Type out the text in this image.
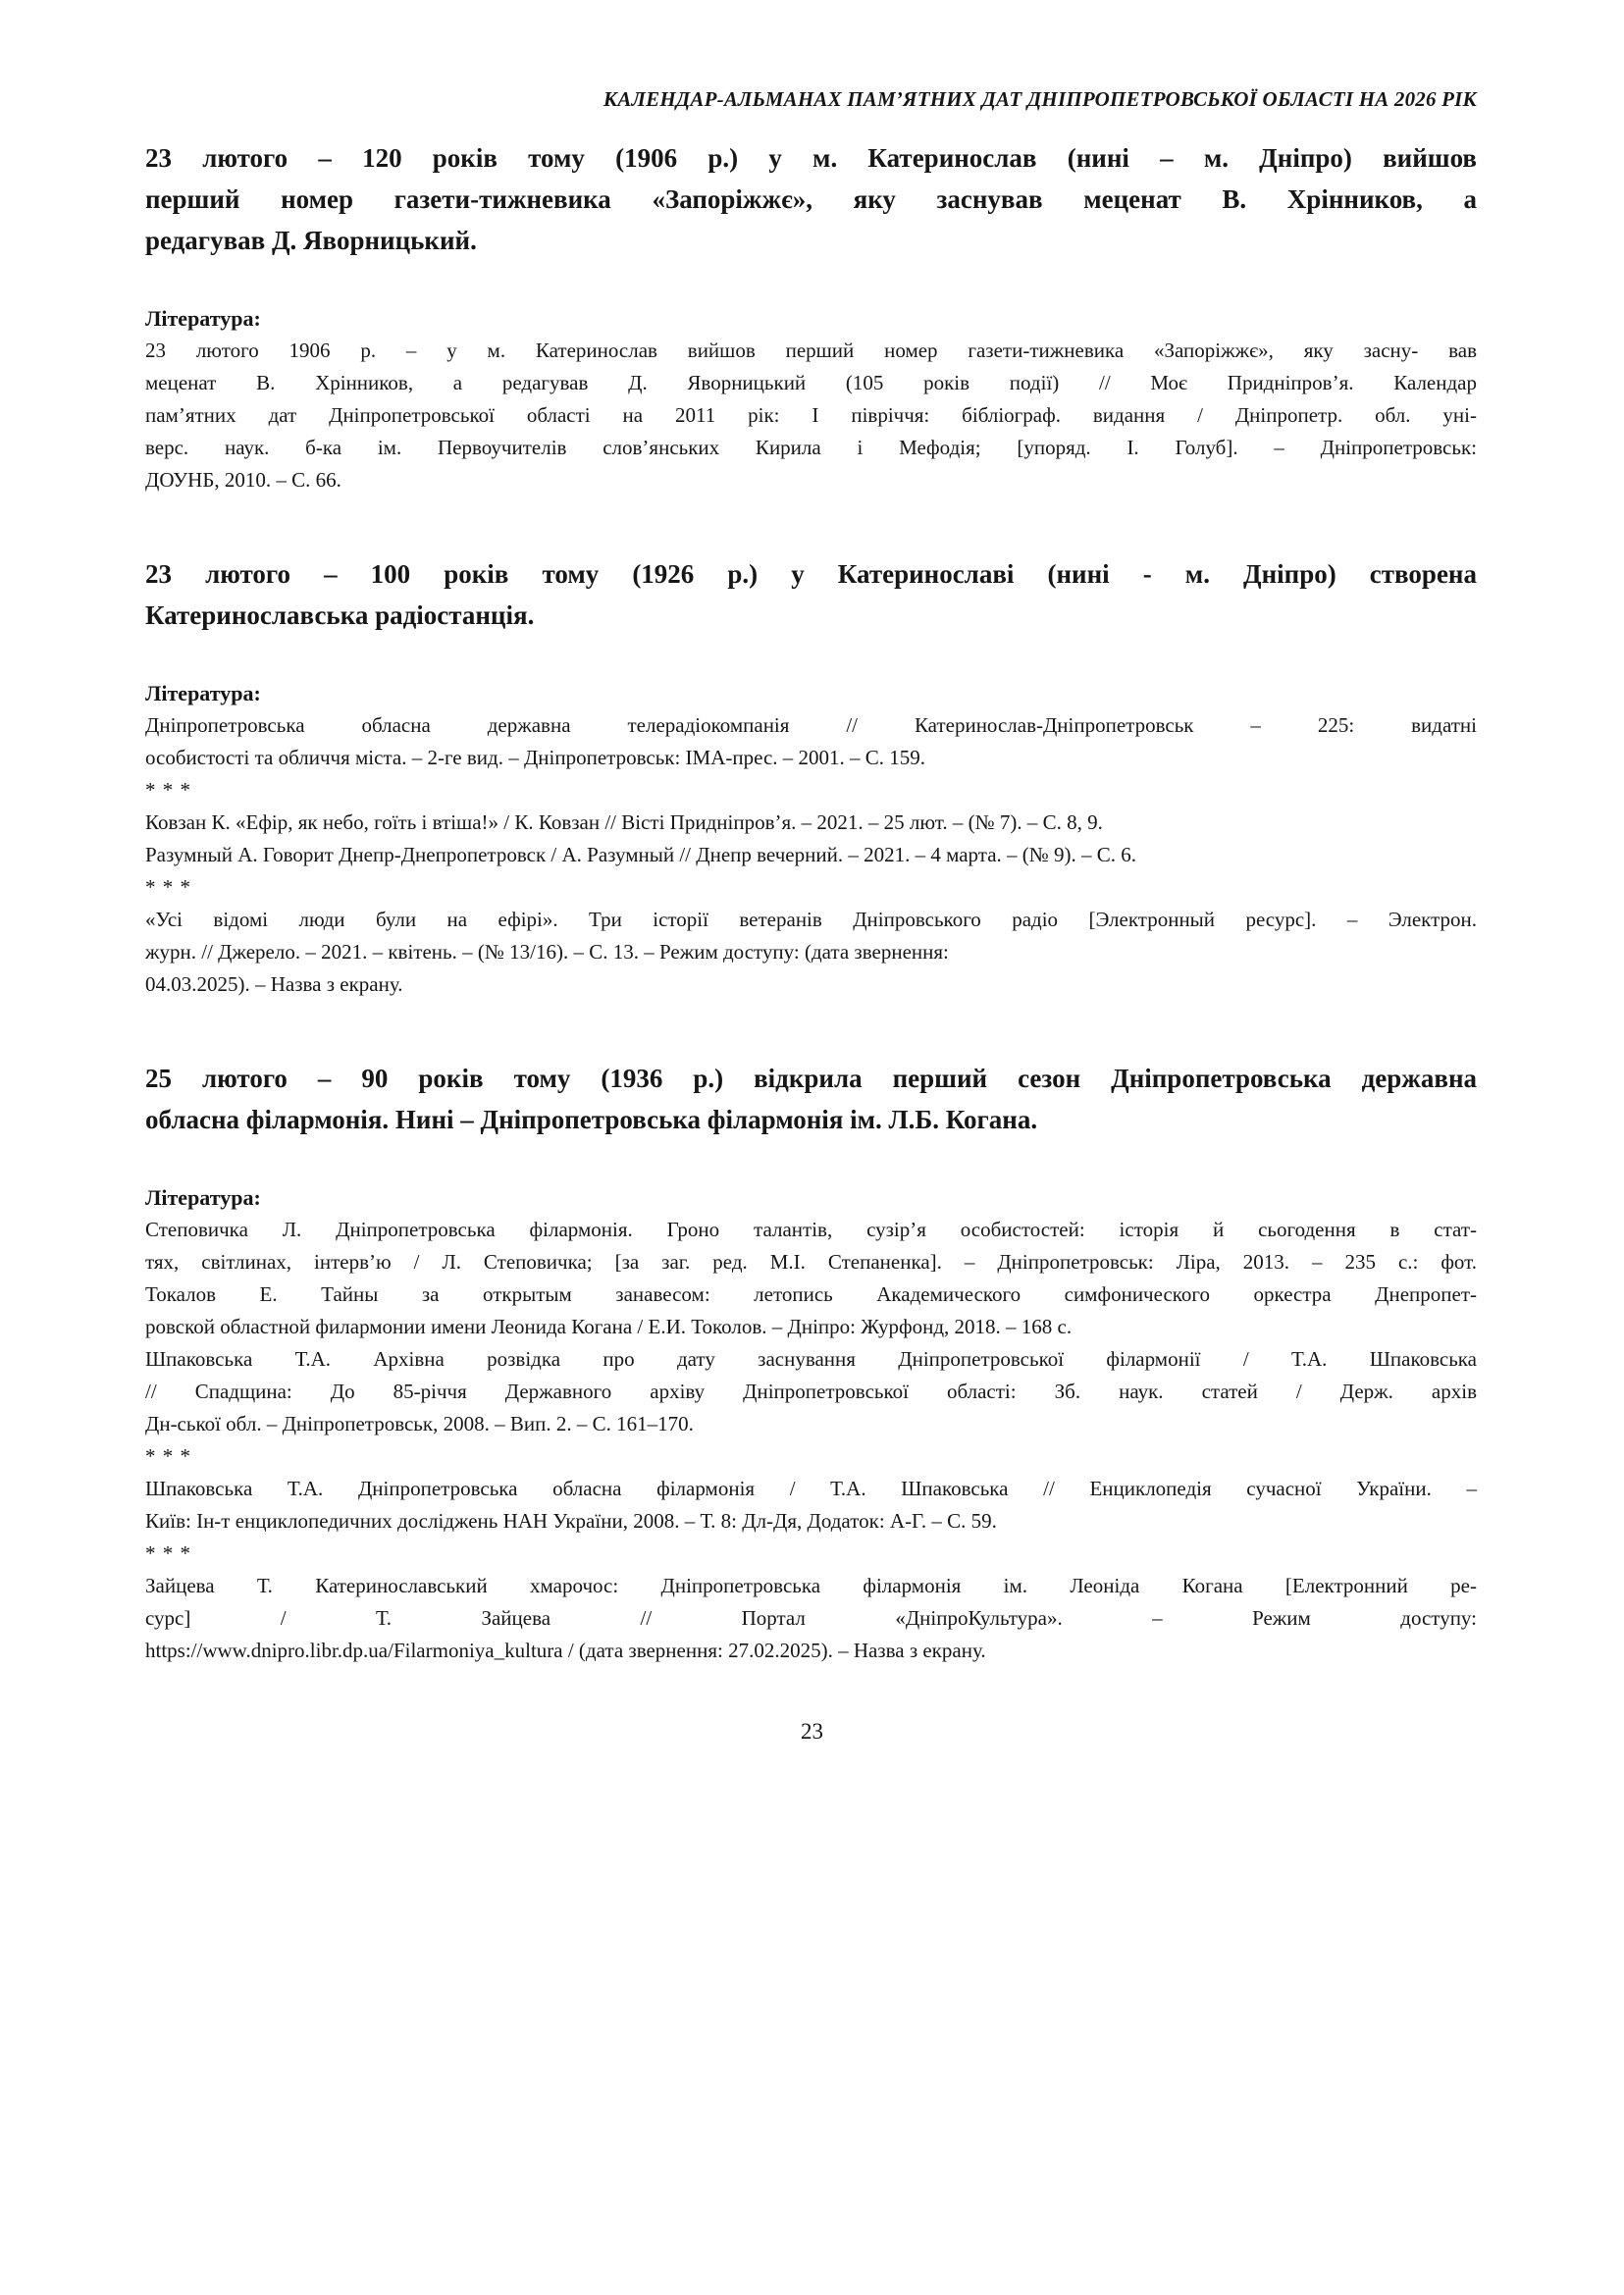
КАЛЕНДАР-АЛЬМАНАХ ПАМ’ЯТНИХ ДАТ ДНІПРОПЕТРОВСЬКОЇ ОБЛАСТІ НА 2026 РІК
23 лютого – 120 років тому (1906 р.) у м. Катеринослав (нині – м. Дніпро) вийшов
перший номер газети-тижневика «Запоріжжє», яку заснував меценат В. Хрінников, а
редагував Д. Яворницький.
Література:
23 лютого 1906 р. – у м. Катеринослав вийшов перший номер газети-тижневика «Запоріжжє», яку засну- вав
меценат В. Хрінников, а редагував Д. Яворницький (105 років події) // Моє Придніпров’я. Календар
пам’ятних дат Дніпропетровської області на 2011 рік: І півріччя: бібліограф. видання / Дніпропетр. обл. уні-
верс. наук. б-ка ім. Первоучителів слов’янських Кирила і Мефодія; [упоряд. І. Голуб]. – Дніпропетровськ:
ДОУНБ, 2010. – С. 66.
23 лютого – 100 років тому (1926 р.) у Катеринославі (нині - м. Дніпро) створена
Катеринославська радіостанція.
Література:
Дніпропетровська обласна державна телерадіокомпанія // Катеринослав-Дніпропетровськ – 225: видатні
особистості та обличчя міста. – 2-ге вид. – Дніпропетровськ: ІМА-прес. – 2001. – С. 159.
* * *
Ковзан К. «Ефір, як небо, гоїть і втіша!» / К. Ковзан // Вісті Придніпров’я. – 2021. – 25 лют. – (№ 7). – С. 8, 9.
Разумный А. Говорит Днепр-Днепропетровск / А. Разумный // Днепр вечерний. – 2021. – 4 марта. – (№ 9). – С. 6.
* * *
«Усі відомі люди були на ефірі». Три історії ветеранів Дніпровського радіо [Электронный ресурс]. – Электрон.
журн. // Джерело. – 2021. – квітень. – (№ 13/16). – С. 13. – Режим доступу: (дата звернення:
04.03.2025). – Назва з екрану.
25 лютого – 90 років тому (1936 р.) відкрила перший сезон Дніпропетровська державна
обласна філармонія. Нині – Дніпропетровська філармонія ім. Л.Б. Когана.
Література:
Степовичка Л. Дніпропетровська філармонія. Гроно талантів, сузір’я особистостей: історія й сьогодення в стат-
тях, світлинах, інтерв’ю / Л. Степовичка; [за заг. ред. М.І. Степаненка]. – Дніпропетровськ: Ліра, 2013. – 235 с.: фот.
Токалов Е. Тайны за открытым занавесом: летопись Академического симфонического оркестра Днепропет-
ровской областной филармонии имени Леонида Когана / Е.И. Токолов. – Дніпро: Журфонд, 2018. – 168 с.
Шпаковська Т.А. Архівна розвідка про дату заснування Дніпропетровської філармонії / Т.А. Шпаковська
// Спадщина: До 85-річчя Державного архіву Дніпропетровської області: Зб. наук. статей / Держ. архів
Дн-ської обл. – Дніпропетровськ, 2008. – Вип. 2. – С. 161–170.
* * *
Шпаковська Т.А. Дніпропетровська обласна філармонія / Т.А. Шпаковська // Енциклопедія сучасної України. –
Київ: Ін-т енциклопедичних досліджень НАН України, 2008. – Т. 8: Дл-Дя, Додаток: А-Г. – С. 59.
* * *
Зайцева Т. Катеринославський хмарочос: Дніпропетровська філармонія ім. Леоніда Когана [Електронний ре-
сурс] / Т. Зайцева // Портал «ДніпроКультура». – Режим доступу:
https://www.dnipro.libr.dp.ua/Filarmoniya_kultura / (дата звернення: 27.02.2025). – Назва з екрану.
23
